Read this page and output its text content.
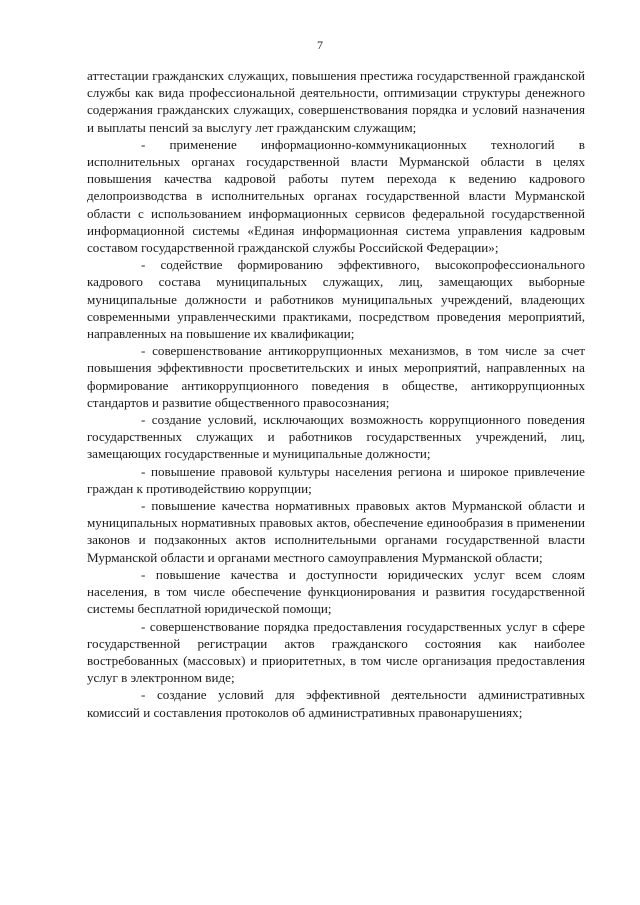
7

аттестации гражданских служащих, повышения престижа государственной гражданской службы как вида профессиональной деятельности, оптимизации структуры денежного содержания гражданских служащих, совершенствования порядка и условий назначения и выплаты пенсий за выслугу лет гражданским служащим;

- применение информационно-коммуникационных технологий в исполнительных органах государственной власти Мурманской области в целях повышения качества кадровой работы путем перехода к ведению кадрового делопроизводства в исполнительных органах государственной власти Мурманской области с использованием информационных сервисов федеральной государственной информационной системы «Единая информационная система управления кадровым составом государственной гражданской службы Российской Федерации»;

- содействие формированию эффективного, высокопрофессионального кадрового состава муниципальных служащих, лиц, замещающих выборные муниципальные должности и работников муниципальных учреждений, владеющих современными управленческими практиками, посредством проведения мероприятий, направленных на повышение их квалификации;

- совершенствование антикоррупционных механизмов, в том числе за счет повышения эффективности просветительских и иных мероприятий, направленных на формирование антикоррупционного поведения в обществе, антикоррупционных стандартов и развитие общественного правосознания;

- создание условий, исключающих возможность коррупционного поведения государственных служащих и работников государственных учреждений, лиц, замещающих государственные и муниципальные должности;

- повышение правовой культуры населения региона и широкое привлечение граждан к противодействию коррупции;

- повышение качества нормативных правовых актов Мурманской области и муниципальных нормативных правовых актов, обеспечение единообразия в применении законов и подзаконных актов исполнительными органами государственной власти Мурманской области и органами местного самоуправления Мурманской области;

- повышение качества и доступности юридических услуг всем слоям населения, в том числе обеспечение функционирования и развития государственной системы бесплатной юридической помощи;

- совершенствование порядка предоставления государственных услуг в сфере государственной регистрации актов гражданского состояния как наиболее востребованных (массовых) и приоритетных, в том числе организация предоставления услуг в электронном виде;

- создание условий для эффективной деятельности административных комиссий и составления протоколов об административных правонарушениях;
